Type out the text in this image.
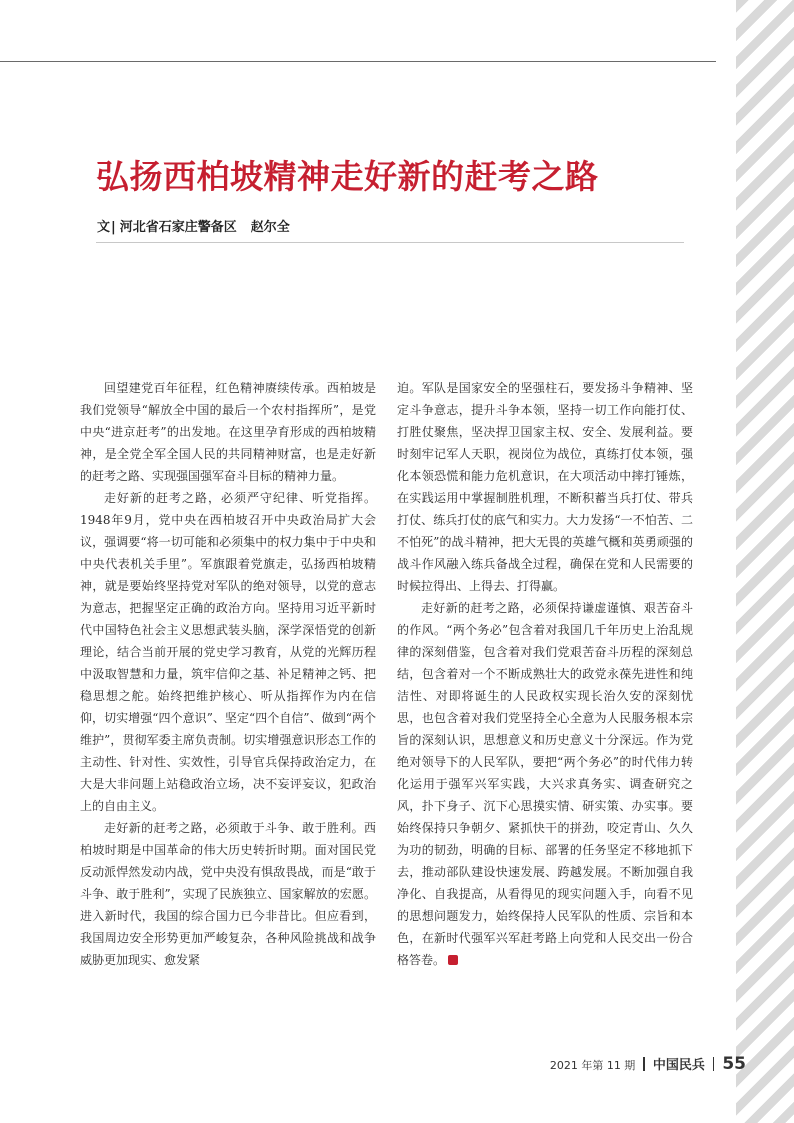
弘扬西柏坡精神走好新的赶考之路
文| 河北省石家庄警备区 赵尔全

回望建党百年征程，红色精神赓续传承。西柏坡是我们党领导“解放全中国的最后一个农村指挥所”，是党中央“进京赶考”的出发地。在这里孕育形成的西柏坡精神，是全党全军全国人民的共同精神财富，也是走好新的赶考之路、实现强国强军奋斗目标的精神力量。

走好新的赶考之路，必须严守纪律、听党指挥。1948年9月，党中央在西柏坡召开中央政治局扩大会议，强调要“将一切可能和必须集中的权力集中于中央和中央代表机关手里”。军旗跟着党旗走，弘扬西柏坡精神，就是要始终坚持党对军队的绝对领导，以党的意志为意志，把握坚定正确的政治方向。坚持用习近平新时代中国特色社会主义思想武装头脑，深学深悟党的创新理论，结合当前开展的党史学习教育，从党的光辉历程中汲取智慧和力量，筑牢信仰之基、补足精神之钙、把稳思想之舵。始终把维护核心、听从指挥作为内在信仰，切实增强“四个意识”、坚定“四个自信”、做到“两个维护”，贯彻军委主席负责制。切实增强意识形态工作的主动性、针对性、实效性，引导官兵保持政治定力，在大是大非问题上站稳政治立场，决不妄评妄议，犯政治上的自由主义。

走好新的赶考之路，必须敢于斗争、敢于胜利。西柏坡时期是中国革命的伟大历史转折时期。面对国民党反动派悍然发动内战，党中央没有惧敌畏战，而是“敢于斗争、敢于胜利”，实现了民族独立、国家解放的宏愿。进入新时代，我国的综合国力已今非昔比。但应看到，我国周边安全形势更加严峻复杂，各种风险挑战和战争威胁更加现实、愈发紧

迫。军队是国家安全的坚强柱石，要发扬斗争精神、坚定斗争意志，提升斗争本领，坚持一切工作向能打仗、打胜仗聚焦，坚决捍卫国家主权、安全、发展利益。要时刻牢记军人天职，视岗位为战位，真练打仗本领，强化本领恐慌和能力危机意识，在大项活动中摔打锤炼，在实践运用中掌握制胜机理，不断积蓄当兵打仗、带兵打仗、练兵打仗的底气和实力。大力发扬“一不怕苦、二不怕死”的战斗精神，把大无畏的英雄气概和英勇顽强的战斗作风融入练兵备战全过程，确保在党和人民需要的时候拉得出、上得去、打得赢。

走好新的赶考之路，必须保持谦虚谨慎、艰苦奋斗的作风。“两个务必”包含着对我国几千年历史上治乱规律的深刻借鉴，包含着对我们党艰苦奋斗历程的深刻总结，包含着对一个不断成熟壮大的政党永葆先进性和纯洁性、对即将诞生的人民政权实现长治久安的深刻忧思，也包含着对我们党坚持全心全意为人民服务根本宗旨的深刻认识，思想意义和历史意义十分深远。作为党绝对领导下的人民军队，要把“两个务必”的时代伟力转化运用于强军兴军实践，大兴求真务实、调查研究之风，扑下身子、沉下心思摸实情、研实策、办实事。要始终保持只争朝夕、紧抓快干的拼劲，咬定青山、久久为功的韧劲，明确的目标、部署的任务坚定不移地抓下去，推动部队建设快速发展、跨越发展。不断加强自我净化、自我提高，从看得见的现实问题入手，向看不见的思想问题发力，始终保持人民军队的性质、宗旨和本色，在新时代强军兴军赶考路上向党和人民交出一份合格答卷。

2021 年第 11 期 中国民兵 55
